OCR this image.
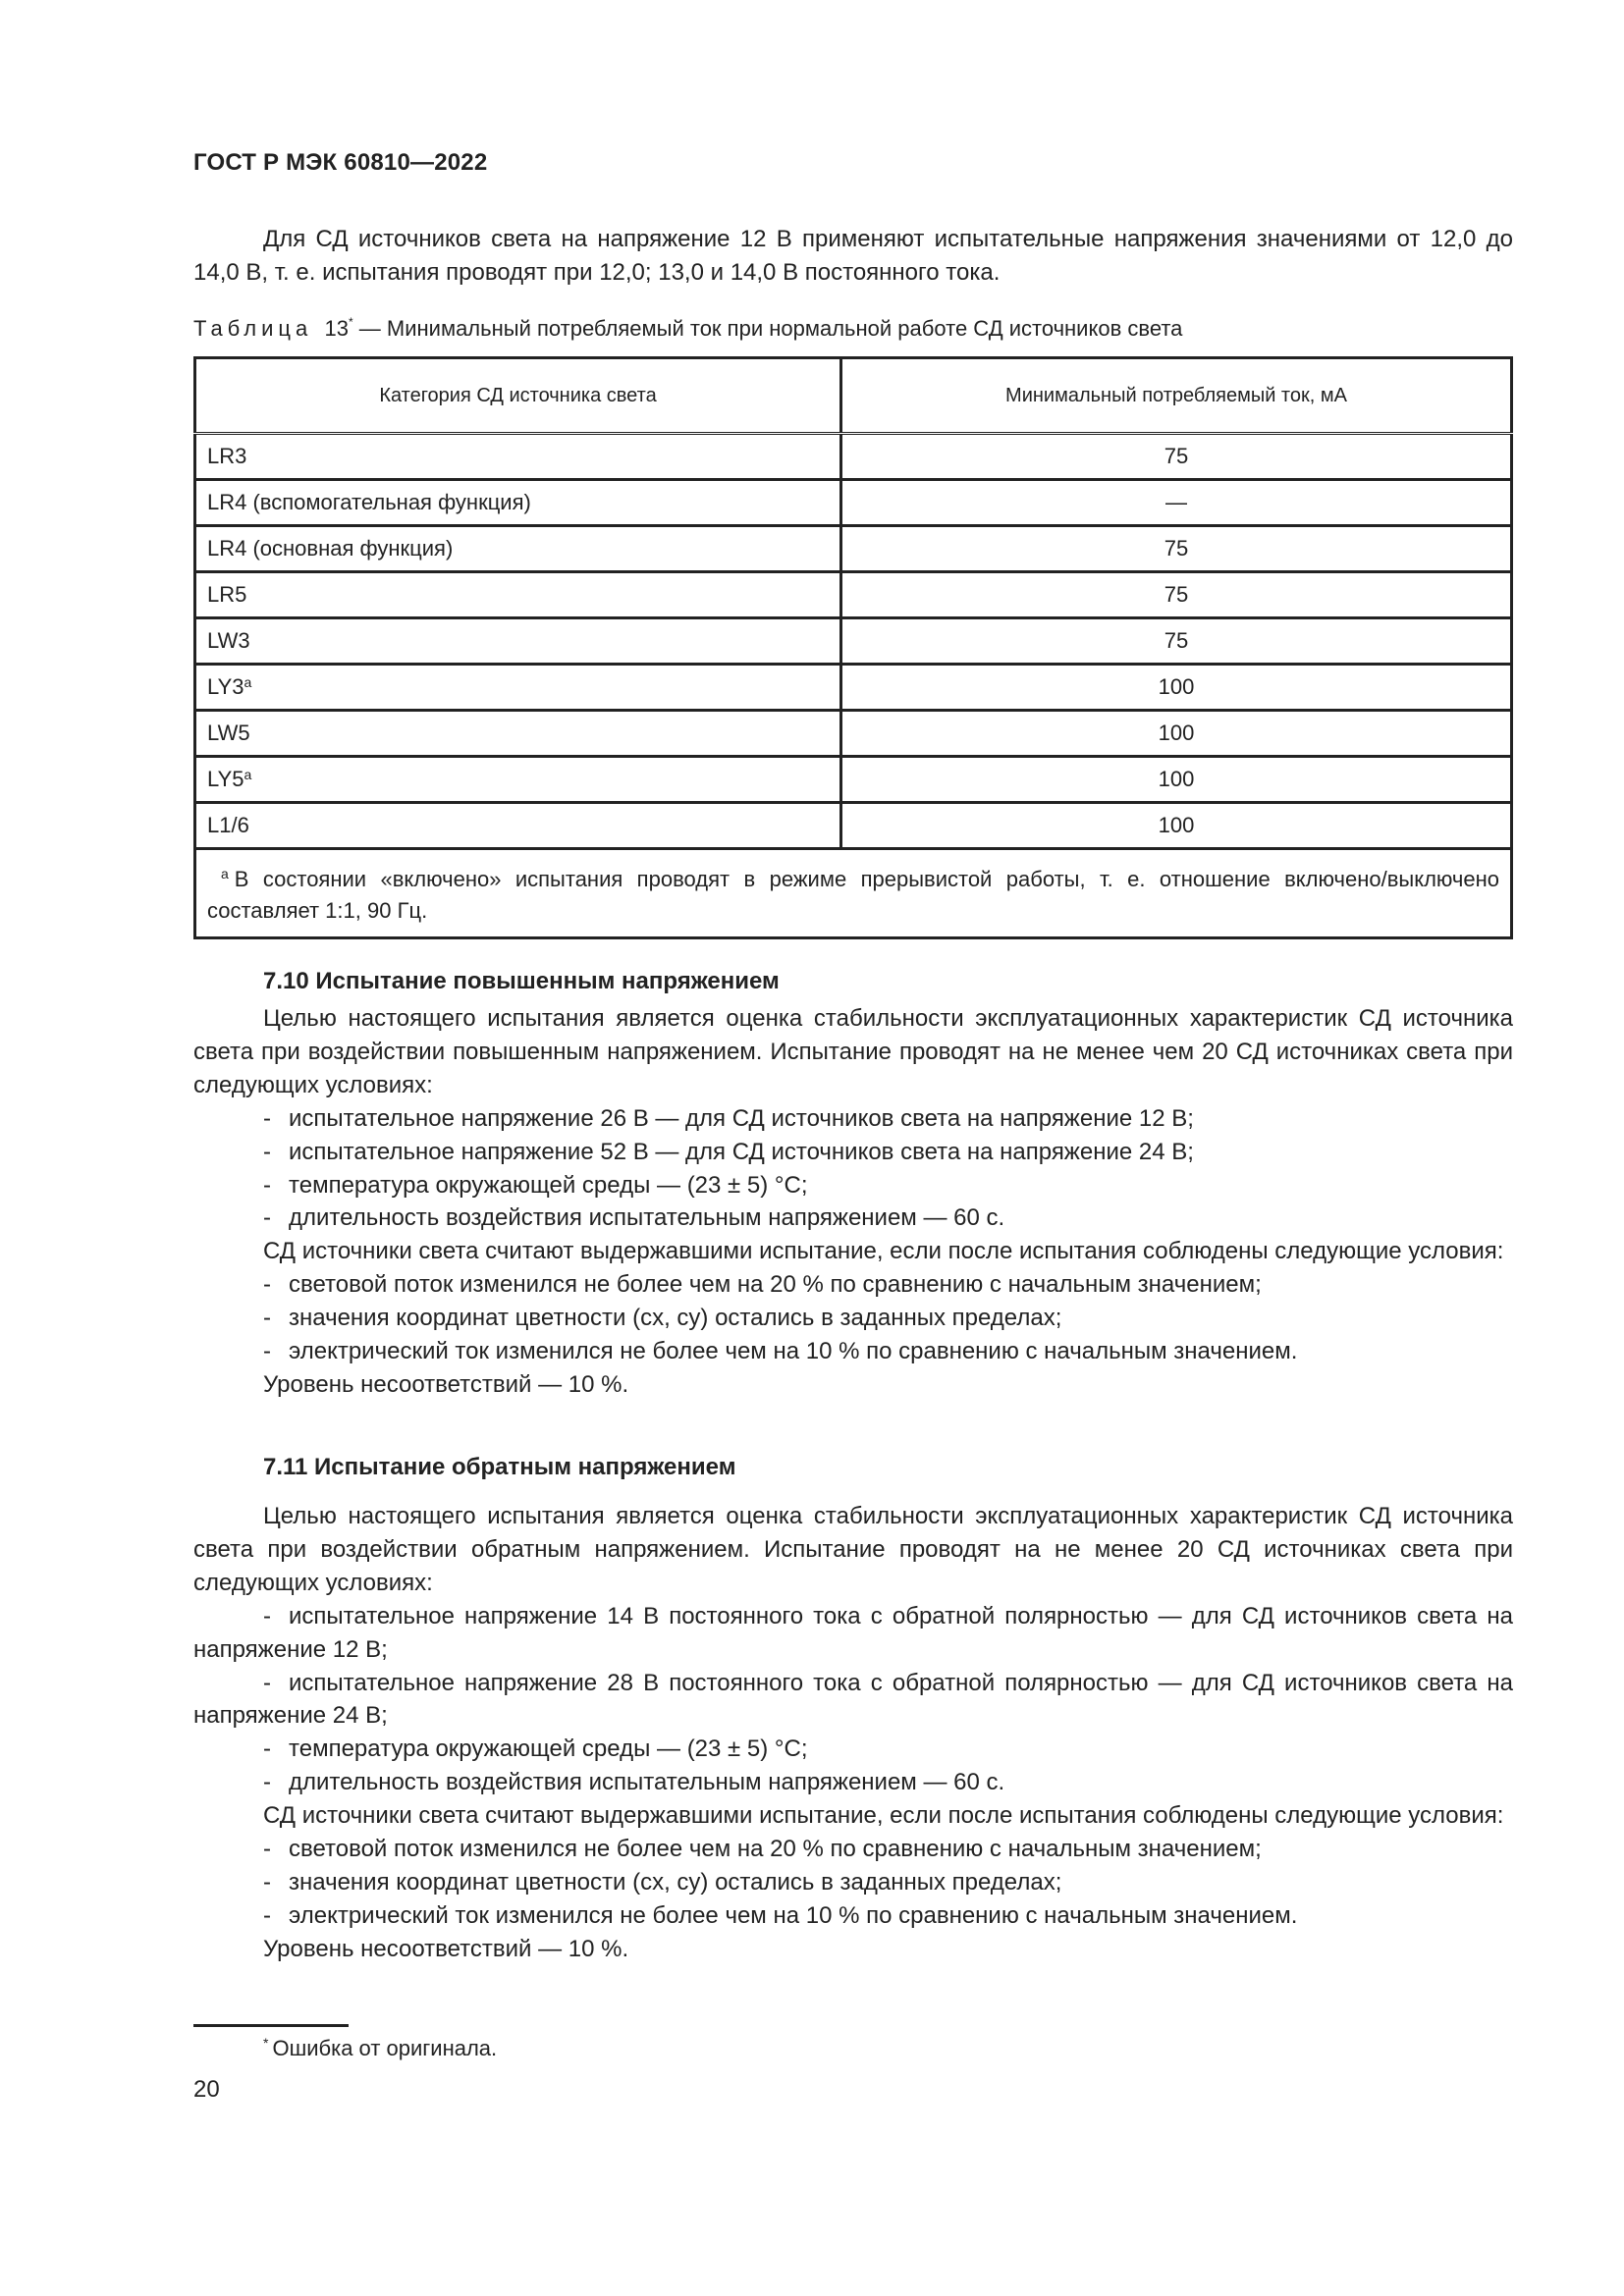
ГОСТ Р МЭК 60810—2022

Для СД источников света на напряжение 12 В применяют испытательные напряжения значениями от 12,0 до 14,0 В, т. е. испытания проводят при 12,0; 13,0 и 14,0 В постоянного тока.

Таблица 13* — Минимальный потребляемый ток при нормальной работе СД источников света
Категория СД источника света	Минимальный потребляемый ток, мА
LR3	75
LR4 (вспомогательная функция)	—
LR4 (основная функция)	75
LR5	75
LW3	75
LY3$^a$	100
LW5	100
LY5$^a$	100
L1/6	100

$^a$ В состоянии «включено» испытания проводят в режиме прерывистой работы, т. е. отношение включено/выключено составляет 1:1, 90 Гц.	
7.10 Испытание повышенным напряжением

Целью настоящего испытания является оценка стабильности эксплуатационных характеристик СД источника света при воздействии повышенным напряжением. Испытание проводят на не менее чем 20 СД источниках света при следующих условиях:

- испытательное напряжение 26 В — для СД источников света на напряжение 12 В;

- испытательное напряжение 52 В — для СД источников света на напряжение 24 В;

- температура окружающей среды — (23 ± 5) °С;

- длительность воздействия испытательным напряжением — 60 с.

СД источники света считают выдержавшими испытание, если после испытания соблюдены следующие условия:

- световой поток изменился не более чем на 20 % по сравнению с начальным значением;

- значения координат цветности (cx, cy) остались в заданных пределах;

- электрический ток изменился не более чем на 10 % по сравнению с начальным значением.

Уровень несоответствий — 10 %.

7.11 Испытание обратным напряжением

Целью настоящего испытания является оценка стабильности эксплуатационных характеристик СД источника света при воздействии обратным напряжением. Испытание проводят на не менее 20 СД источниках света при следующих условиях:

- испытательное напряжение 14 В постоянного тока с обратной полярностью — для СД источников света на напряжение 12 В;

- испытательное напряжение 28 В постоянного тока с обратной полярностью — для СД источников света на напряжение 24 В;

- температура окружающей среды — (23 ± 5) °С;

- длительность воздействия испытательным напряжением — 60 с.

СД источники света считают выдержавшими испытание, если после испытания соблюдены следующие условия:

- световой поток изменился не более чем на 20 % по сравнению с начальным значением;

- значения координат цветности (cx, cy) остались в заданных пределах;

- электрический ток изменился не более чем на 10 % по сравнению с начальным значением.

Уровень несоответствий — 10 %.

* Ошибка от оригинала.
20
